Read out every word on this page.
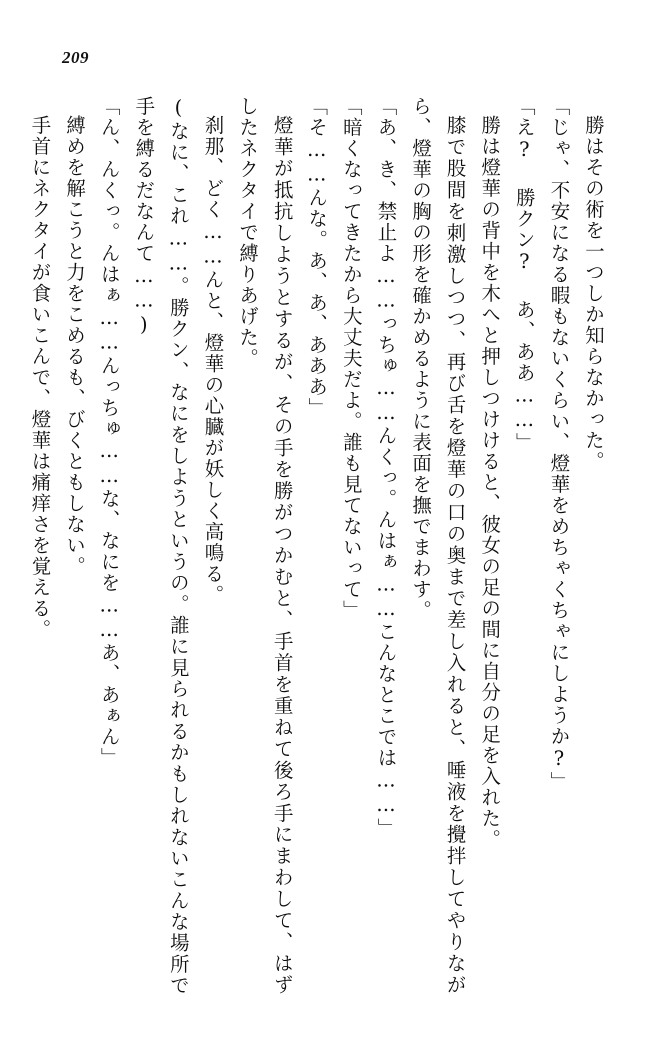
209

勝はその術を一つしか知らなかった。

「じゃ、不安になる暇もないくらい、燈華をめちゃくちゃにしようか?」

「え? 勝クン? あ、ああ……」

勝は燈華の背中を木へと押しつけけると、彼女の足の間に自分の足を入れた。

膝で股間を刺激しつつ、再び舌を燈華の口の奥まで差し入れると、唾液を攪拌してやりながら、燈華の胸の形を確かめるように表面を撫でまわす。

「あ、き、禁止よ……っちゅ……んくっ。んはぁ……こんなとこでは……」

「暗くなってきたから大丈夫だよ。誰も見てないって」

「そ……んな。あ、あ、あああ」

燈華が抵抗しようとするが、その手を勝がつかむと、手首を重ねて後ろ手にまわして、はずしたネクタイで縛りあげた。

刹那、どく……んと、燈華の心臓が妖しく高鳴る。

(なに、これ……。勝クン、なにをしようというの。誰に見られるかもしれないこんな場所で手を縛るだなんて……)

「ん、んくっ。んはぁ……んっちゅ……な、なにを……あ、あぁん」

縛めを解こうと力をこめるも、びくともしない。

手首にネクタイが食いこんで、燈華は痛痒さを覚える。
